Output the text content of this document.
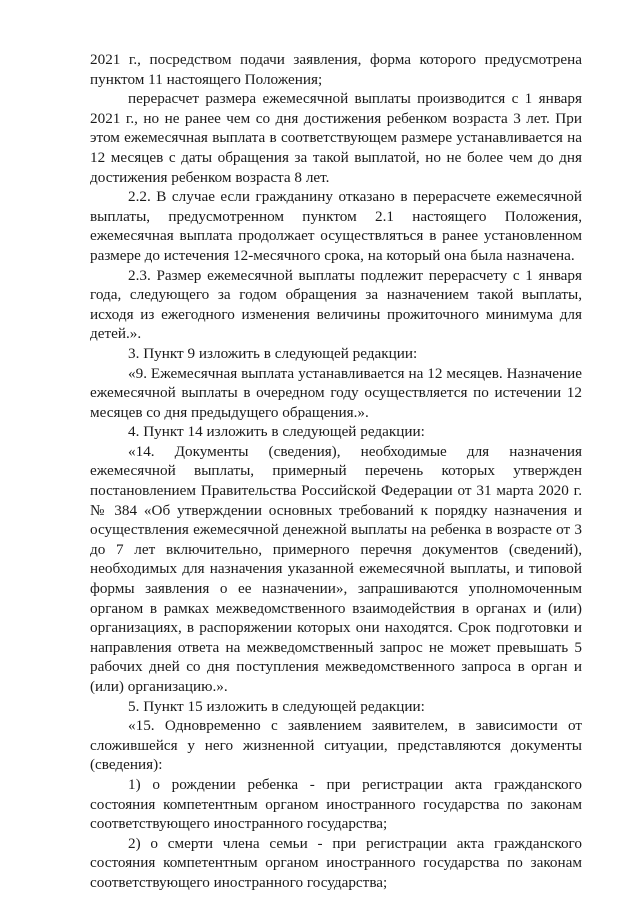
2021 г., посредством подачи заявления, форма которого предусмотрена пунктом 11 настоящего Положения;

перерасчет размера ежемесячной выплаты производится с 1 января 2021 г., но не ранее чем со дня достижения ребенком возраста 3 лет. При этом ежемесячная выплата в соответствующем размере устанавливается на 12 месяцев с даты обращения за такой выплатой, но не более чем до дня достижения ребенком возраста 8 лет.

2.2. В случае если гражданину отказано в перерасчете ежемесячной выплаты, предусмотренном пунктом 2.1 настоящего Положения, ежемесячная выплата продолжает осуществляться в ранее установленном размере до истечения 12-месячного срока, на который она была назначена.

2.3. Размер ежемесячной выплаты подлежит перерасчету с 1 января года, следующего за годом обращения за назначением такой выплаты, исходя из ежегодного изменения величины прожиточного минимума для детей.».

3. Пункт 9 изложить в следующей редакции:

«9. Ежемесячная выплата устанавливается на 12 месяцев. Назначение ежемесячной выплаты в очередном году осуществляется по истечении 12 месяцев со дня предыдущего обращения.».

4. Пункт 14 изложить в следующей редакции:

«14. Документы (сведения), необходимые для назначения ежемесячной выплаты, примерный перечень которых утвержден постановлением Правительства Российской Федерации от 31 марта 2020 г. № 384 «Об утверждении основных требований к порядку назначения и осуществления ежемесячной денежной выплаты на ребенка в возрасте от 3 до 7 лет включительно, примерного перечня документов (сведений), необходимых для назначения указанной ежемесячной выплаты, и типовой формы заявления о ее назначении», запрашиваются уполномоченным органом в рамках межведомственного взаимодействия в органах и (или) организациях, в распоряжении которых они находятся. Срок подготовки и направления ответа на межведомственный запрос не может превышать 5 рабочих дней со дня поступления межведомственного запроса в орган и (или) организацию.».

5. Пункт 15 изложить в следующей редакции:

«15. Одновременно с заявлением заявителем, в зависимости от сложившейся у него жизненной ситуации, представляются документы (сведения):

1) о рождении ребенка - при регистрации акта гражданского состояния компетентным органом иностранного государства по законам соответствующего иностранного государства;

2) о смерти члена семьи - при регистрации акта гражданского состояния компетентным органом иностранного государства по законам соответствующего иностранного государства;
